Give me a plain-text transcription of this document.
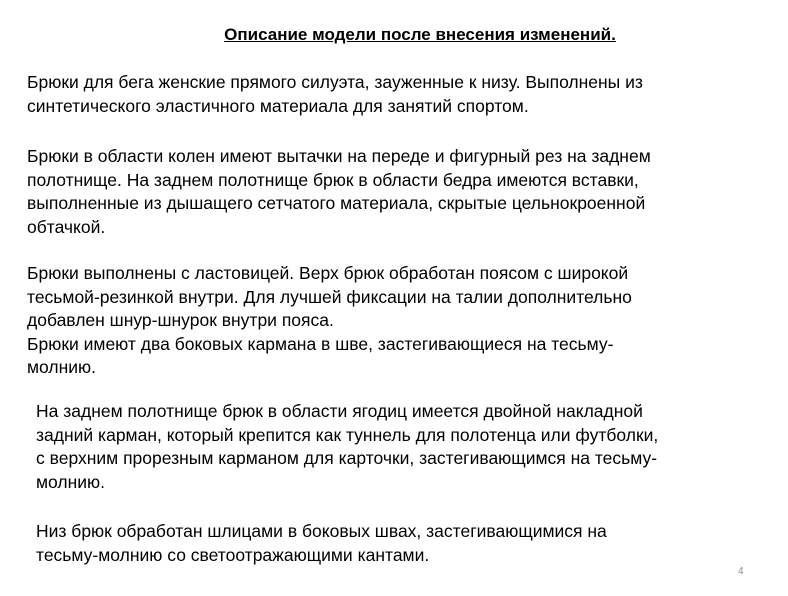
Описание модели после внесения изменений.

Брюки для бега женские прямого силуэта, зауженные к низу. Выполнены из
синтетического эластичного материала для занятий спортом.

Брюки в области колен имеют вытачки на переде и фигурный рез на заднем
полотнище. На заднем полотнище брюк в области бедра имеются вставки,
выполненные из дышащего сетчатого материала, скрытые цельнокроенной
обтачкой.

Брюки выполнены с ластовицей. Верх брюк обработан поясом с широкой
тесьмой-резинкой внутри. Для лучшей фиксации на талии дополнительно
добавлен шнур-шнурок внутри пояса.
Брюки имеют два боковых кармана в шве, застегивающиеся на тесьму-
молнию.

На заднем полотнище брюк в области ягодиц имеется двойной накладной
задний карман, который крепится как туннель для полотенца или футболки,
с верхним прорезным карманом для карточки, застегивающимся на тесьму-
молнию.

Низ брюк обработан шлицами в боковых швах, застегивающимися на
тесьму-молнию со светоотражающими кантами.

4
